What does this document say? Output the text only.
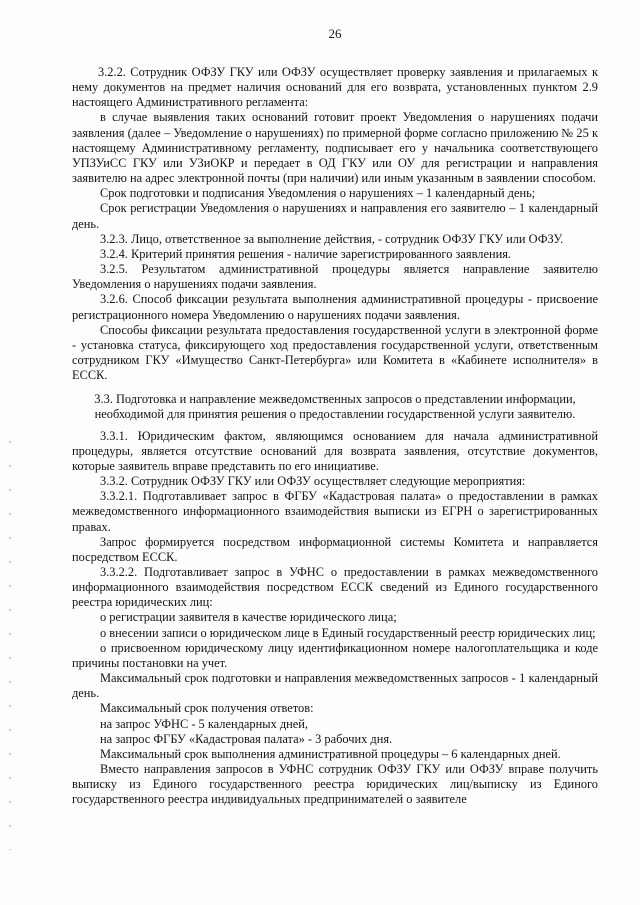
26

3.2.2. Сотрудник ОФЗУ ГКУ или ОФЗУ осуществляет проверку заявления и прилагаемых к нему документов на предмет наличия оснований для его возврата, установленных пунктом 2.9 настоящего Административного регламента:

в случае выявления таких оснований готовит проект Уведомления о нарушениях подачи заявления (далее – Уведомление о нарушениях) по примерной форме согласно приложению № 25 к настоящему Административному регламенту, подписывает его у начальника соответствующего УПЗУиСС ГКУ или УЗиОКР и передает в ОД ГКУ или ОУ для регистрации и направления заявителю на адрес электронной почты (при наличии) или иным указанным в заявлении способом.

Срок подготовки и подписания Уведомления о нарушениях – 1 календарный день;

Срок регистрации Уведомления о нарушениях и направления его заявителю – 1 календарный день.

3.2.3. Лицо, ответственное за выполнение действия, - сотрудник ОФЗУ ГКУ или ОФЗУ.

3.2.4. Критерий принятия решения - наличие зарегистрированного заявления.

3.2.5. Результатом административной процедуры является направление заявителю Уведомления о нарушениях подачи заявления.

3.2.6. Способ фиксации результата выполнения административной процедуры - присвоение регистрационного номера Уведомлению о нарушениях подачи заявления.

Способы фиксации результата предоставления государственной услуги в электронной форме - установка статуса, фиксирующего ход предоставления государственной услуги, ответственным сотрудником ГКУ «Имущество Санкт-Петербурга» или Комитета в «Кабинете исполнителя» в ЕССК.

3.3. Подготовка и направление межведомственных запросов о представлении информации, необходимой для принятия решения о предоставлении государственной услуги заявителю.

3.3.1. Юридическим фактом, являющимся основанием для начала административной процедуры, является отсутствие оснований для возврата заявления, отсутствие документов, которые заявитель вправе представить по его инициативе.

3.3.2. Сотрудник ОФЗУ ГКУ или ОФЗУ осуществляет следующие мероприятия:

3.3.2.1. Подготавливает запрос в ФГБУ «Кадастровая палата» о предоставлении в рамках межведомственного информационного взаимодействия выписки из ЕГРН о зарегистрированных правах.

Запрос формируется посредством информационной системы Комитета и направляется посредством ЕССК.

3.3.2.2. Подготавливает запрос в УФНС о предоставлении в рамках межведомственного информационного взаимодействия посредством ЕССК сведений из Единого государственного реестра юридических лиц:

о регистрации заявителя в качестве юридического лица;

о внесении записи о юридическом лице в Единый государственный реестр юридических лиц;

о присвоенном юридическому лицу идентификационном номере налогоплательщика и коде причины постановки на учет.

Максимальный срок подготовки и направления межведомственных запросов - 1 календарный день.

Максимальный срок получения ответов:

на запрос УФНС - 5 календарных дней,

на запрос ФГБУ «Кадастровая палата» - 3 рабочих дня.

Максимальный срок выполнения административной процедуры – 6 календарных дней.

Вместо направления запросов в УФНС сотрудник ОФЗУ ГКУ или ОФЗУ вправе получить выписку из Единого государственного реестра юридических лиц/выписку из Единого государственного реестра индивидуальных предпринимателей о заявителе
